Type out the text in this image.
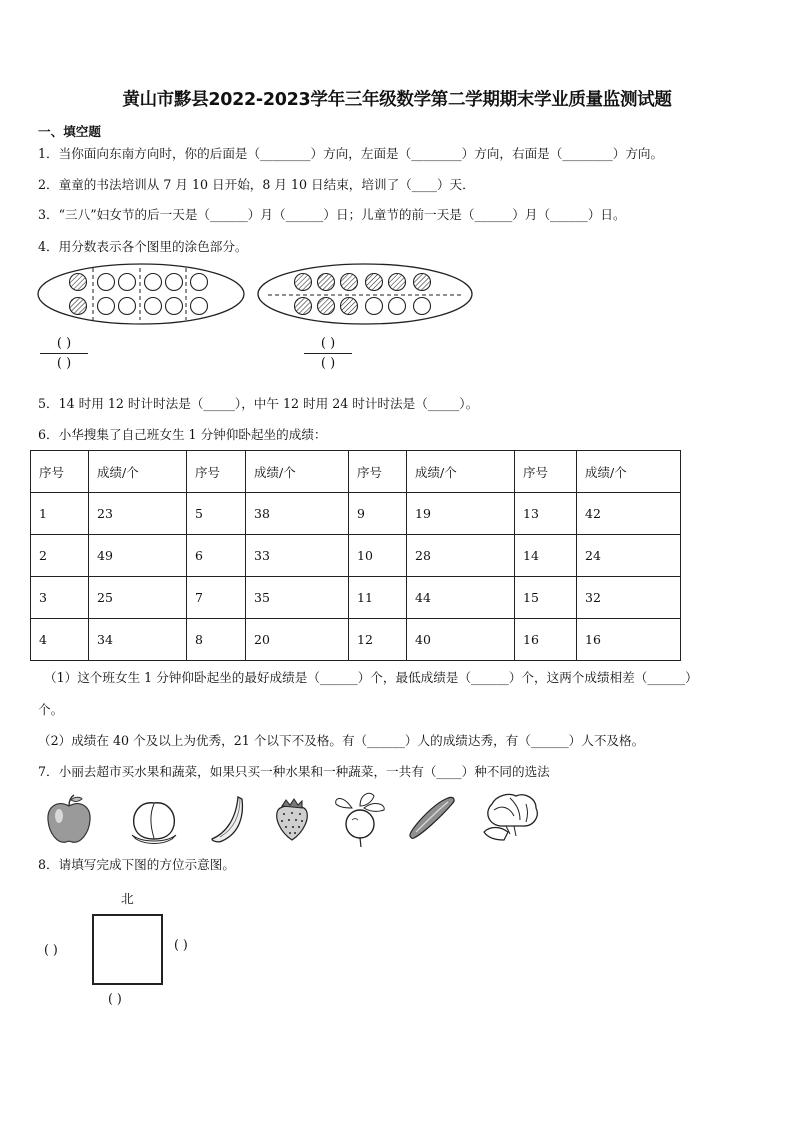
黄山市黟县2022-2023学年三年级数学第二学期期末学业质量监测试题
一、填空题
1．当你面向东南方向时，你的后面是（________）方向，左面是（________）方向，右面是（________）方向。
2．童童的书法培训从 7 月 10 日开始，8 月 10 日结束，培训了（____）天．
3．“三八”妇女节的后一天是（______）月（______）日；儿童节的前一天是（______）月（______）日。
4．用分数表示各个图里的涂色部分。
( )
( )
( )
( )
5．14 时用 12 时计时法是（_____），中午 12 时用 24 时计时法是（_____）。
6．小华搜集了自己班女生 1 分钟仰卧起坐的成绩：
序号	成绩/个	序号	成绩/个	序号	成绩/个	序号	成绩/个
1	23	5	38	9	19	13	42
2	49	6	33	10	28	14	24
3	25	7	35	11	44	15	32
4	34	8	20	12	40	16	16
（1）这个班女生 1 分钟仰卧起坐的最好成绩是（______）个，最低成绩是（______）个，这两个成绩相差（______）
个。
（2）成绩在 40 个及以上为优秀，21 个以下不及格。有（______）人的成绩达秀，有（______）人不及格。
7．小丽去超市买水果和蔬菜，如果只买一种水果和一种蔬菜，一共有（____）种不同的选法
8．请填写完成下图的方位示意图。
北
( )	( )
( )
